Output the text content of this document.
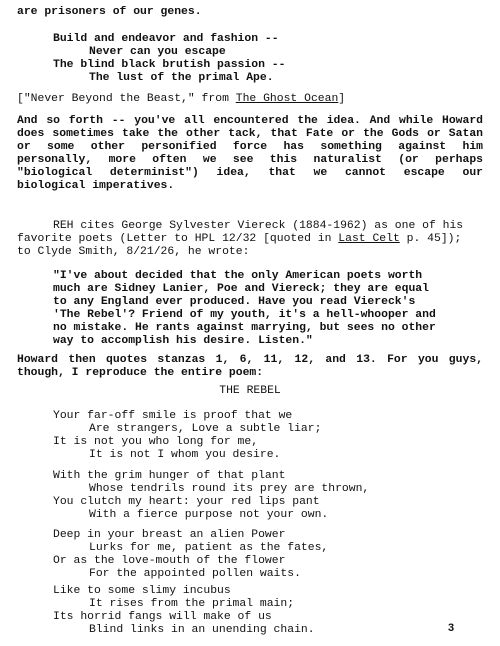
are prisoners of our genes.
Build and endeavor and fashion --
Never can you escape
The blind black brutish passion --
The lust of the primal Ape.
["Never Beyond the Beast," from The Ghost Ocean]
And so forth -- you've all encountered the idea. And while Howard
does sometimes take the other tack, that Fate or the Gods or Satan
or some other personified force has something against him
personally, more often we see this naturalist (or perhaps
"biological determinist") idea, that we cannot escape our
biological imperatives.
REH cites George Sylvester Viereck (1884-1962) as one of his
favorite poets (Letter to HPL 12/32 [quoted in Last Celt p. 45]);
to Clyde Smith, 8/21/26, he wrote:
"I've about decided that the only American poets worth
much are Sidney Lanier, Poe and Viereck; they are equal
to any England ever produced. Have you read Viereck's
'The Rebel'? Friend of my youth, it's a hell-whooper and
no mistake. He rants against marrying, but sees no other
way to accomplish his desire. Listen."
Howard then quotes stanzas 1, 6, 11, 12, and 13. For you guys,
though, I reproduce the entire poem:
THE REBEL
Your far-off smile is proof that we
Are strangers, Love a subtle liar;
It is not you who long for me,
It is not I whom you desire.
With the grim hunger of that plant
Whose tendrils round its prey are thrown,
You clutch my heart: your red lips pant
With a fierce purpose not your own.
Deep in your breast an alien Power
Lurks for me, patient as the fates,
Or as the love-mouth of the flower
For the appointed pollen waits.
Like to some slimy incubus
It rises from the primal main;
Its horrid fangs will make of us
Blind links in an unending chain.	3
